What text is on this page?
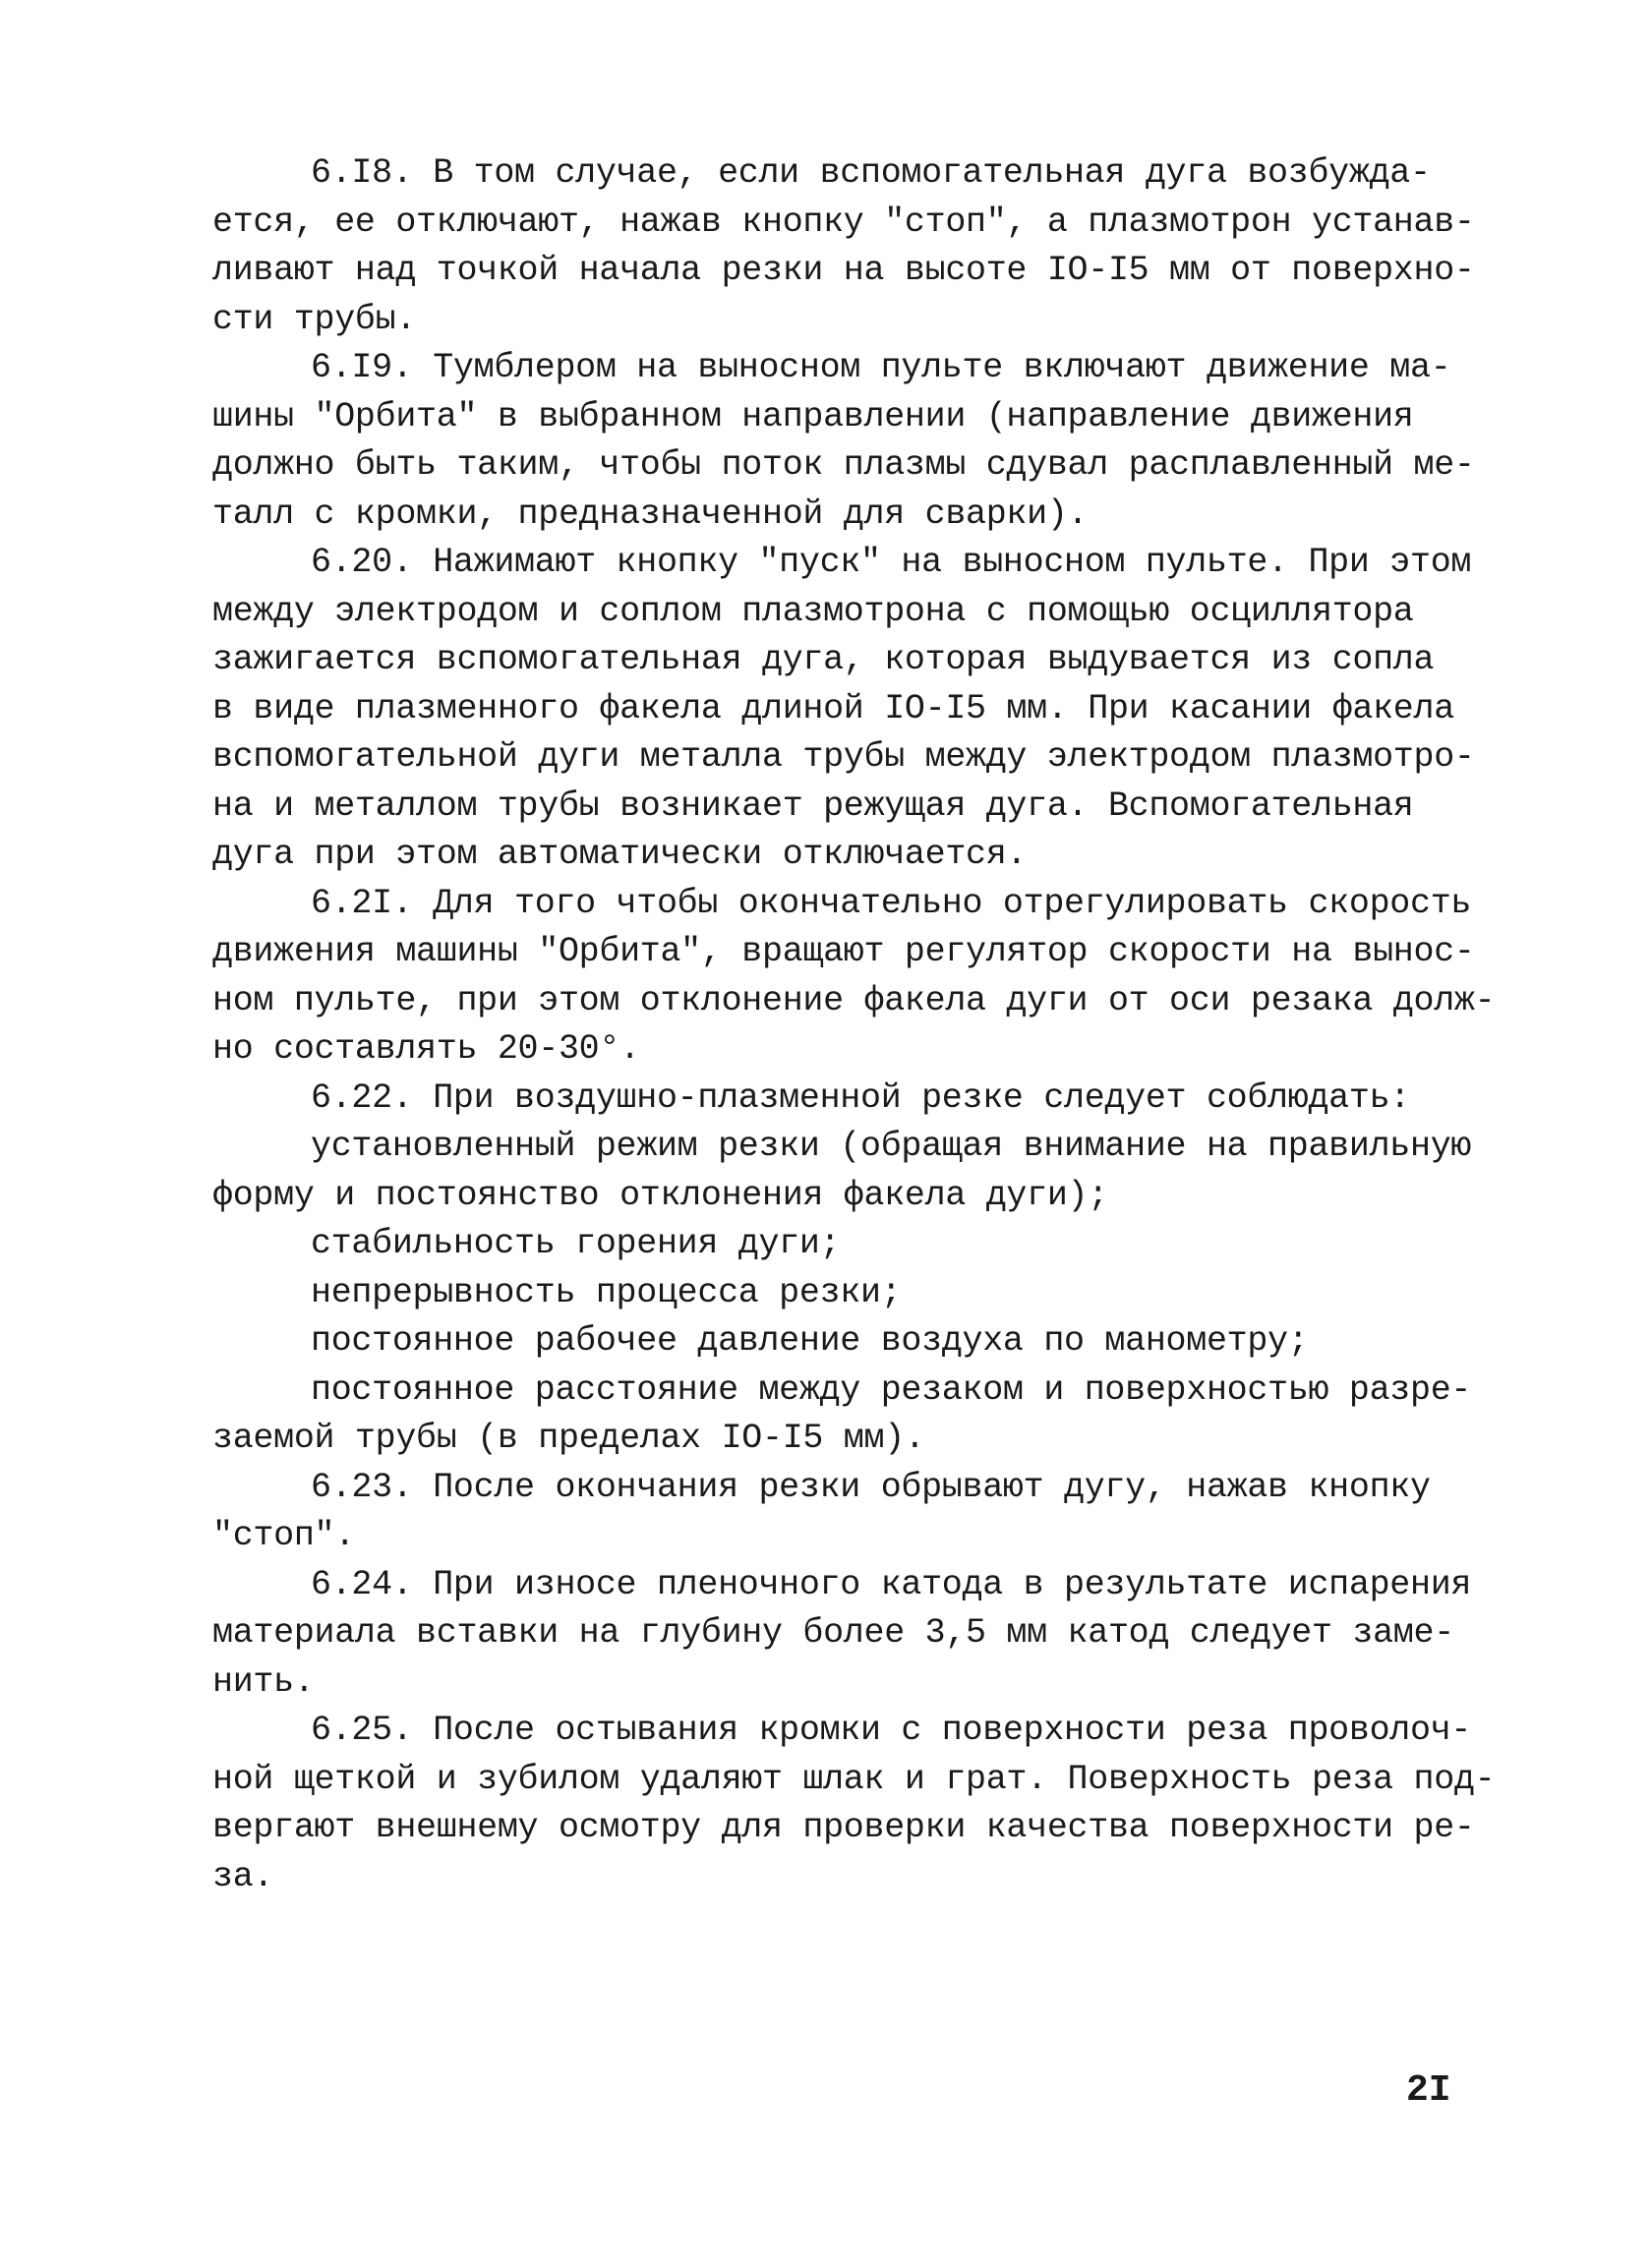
6.I8. В том случае, если вспомогательная дуга возбужда-
ется, ее отключают, нажав кнопку "стоп", а плазмотрон устанав-
ливают над точкой начала резки на высоте IO-I5 мм от поверхно-
сти трубы.
6.I9. Тумблером на выносном пульте включают движение ма-
шины "Орбита" в выбранном направлении (направление движения
должно быть таким, чтобы поток плазмы сдувал расплавленный ме-
талл с кромки, предназначенной для сварки).
6.20. Нажимают кнопку "пуск" на выносном пульте. При этом
между электродом и соплом плазмотрона с помощью осциллятора
зажигается вспомогательная дуга, которая выдувается из сопла
в виде плазменного факела длиной IO-I5 мм. При касании факела
вспомогательной дуги металла трубы между электродом плазмотро-
на и металлом трубы возникает режущая дуга. Вспомогательная
дуга при этом автоматически отключается.
6.2I. Для того чтобы окончательно отрегулировать скорость
движения машины "Орбита", вращают регулятор скорости на вынос-
ном пульте, при этом отклонение факела дуги от оси резака долж-
но составлять 20-30°.
6.22. При воздушно-плазменной резке следует соблюдать:
установленный режим резки (обращая внимание на правильную
форму и постоянство отклонения факела дуги);
стабильность горения дуги;
непрерывность процесса резки;
постоянное рабочее давление воздуха по манометру;
постоянное расстояние между резаком и поверхностью разре-
заемой трубы (в пределах IO-I5 мм).
6.23. После окончания резки обрывают дугу, нажав кнопку
"стоп".
6.24. При износе пленочного катода в результате испарения
материала вставки на глубину более 3,5 мм катод следует заме-
нить.
6.25. После остывания кромки с поверхности реза проволоч-
ной щеткой и зубилом удаляют шлак и грат. Поверхность реза под-
вергают внешнему осмотру для проверки качества поверхности ре-
за.
2I
